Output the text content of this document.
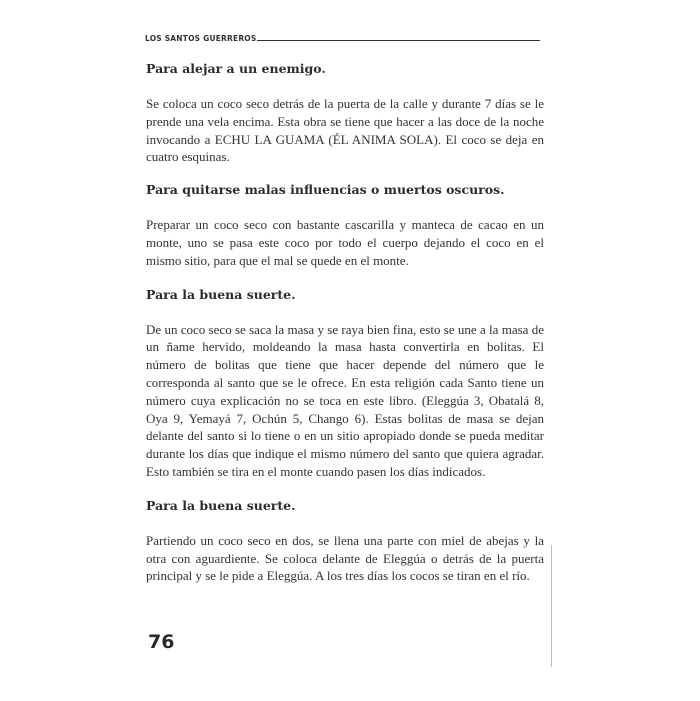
LOS SANTOS GUERREROS
Para alejar a un enemigo.

Se coloca un coco seco detrás de la puerta de la calle y durante 7 días se le prende una vela encima. Esta obra se tiene que hacer a las doce de la noche invocando a ECHU LA GUAMA (ÉL ANIMA SOLA). El coco se deja en cuatro esquinas.

Para quitarse malas influencias o muertos oscuros.

Preparar un coco seco con bastante cascarilla y manteca de cacao en un monte, uno se pasa este coco por todo el cuerpo dejando el coco en el mismo sitio, para que el mal se quede en el monte.

Para la buena suerte.

De un coco seco se saca la masa y se raya bien fina, esto se une a la masa de un ñame hervido, moldeando la masa hasta convertirla en bolitas. El número de bolitas que tiene que hacer depende del número que le corresponda al santo que se le ofrece. En esta religión cada Santo tiene un número cuya explicación no se toca en este libro. (Eleggúa 3, Obatalá 8, Oya 9, Yemayá 7, Ochún 5, Chango 6). Estas bolitas de masa se dejan delante del santo si lo tiene o en un sitio apropiado donde se pueda meditar durante los días que indique el mismo número del santo que quiera agradar. Esto también se tira en el monte cuando pasen los días indicados.

Para la buena suerte.

Partiendo un coco seco en dos, se llena una parte con miel de abejas y la otra con aguardiente. Se coloca delante de Eleggúa o detrás de la puerta principal y se le pide a Eleggúa. A los tres días los cocos se tiran en el río.

76
